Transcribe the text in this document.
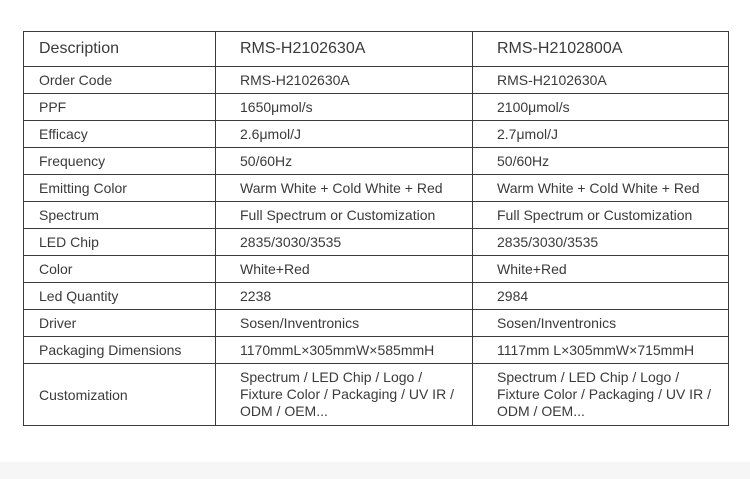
Description	RMS-H2102630A	RMS-H2102800A
Order Code	RMS-H2102630A	RMS-H2102630A
PPF	1650μmol/s	2100μmol/s
Efficacy	2.6μmol/J	2.7μmol/J
Frequency	50/60Hz	50/60Hz
Emitting Color	Warm White + Cold White + Red	Warm White + Cold White + Red
Spectrum	Full Spectrum or Customization	Full Spectrum or Customization
LED Chip	2835/3030/3535	2835/3030/3535
Color	White+Red	White+Red
Led Quantity	2238	2984
Driver	Sosen/Inventronics	Sosen/Inventronics
Packaging Dimensions	1170mmL×305mmW×585mmH	1117mm L×305mmW×715mmH
Customization	Spectrum / LED Chip / Logo / Fixture Color / Packaging / UV IR / ODM / OEM...	Spectrum / LED Chip / Logo / Fixture Color / Packaging / UV IR / ODM / OEM...
